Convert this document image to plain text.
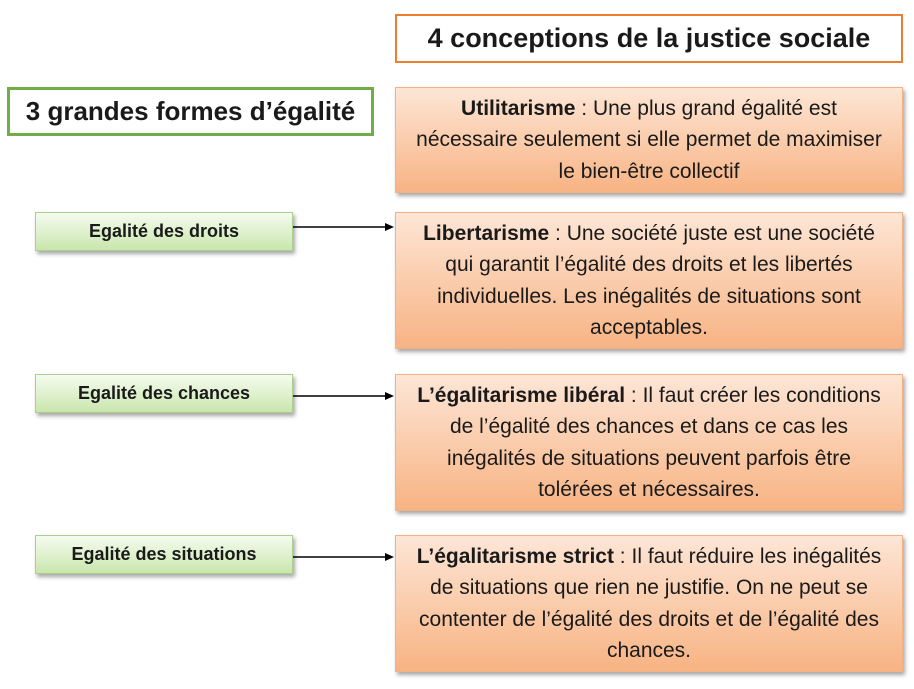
4 conceptions de la justice sociale
3 grandes formes d’égalité	Utilitarisme : Une plus grand égalité est nécessaire seulement si elle permet de maximiser le bien-être collectif
Libertarisme : Une société juste est une société qui garantit l’égalité des droits et les libertés individuelles. Les inégalités de situations sont acceptables.
L’égalitarisme libéral : Il faut créer les conditions de l’égalité des chances et dans ce cas les inégalités de situations peuvent parfois être tolérées et nécessaires.
L’égalitarisme strict : Il faut réduire les inégalités de situations que rien ne justifie. On ne peut se contenter de l’égalité des droits et de l’égalité des chances.
Egalité des droits
Egalité des chances
Egalité des situations
